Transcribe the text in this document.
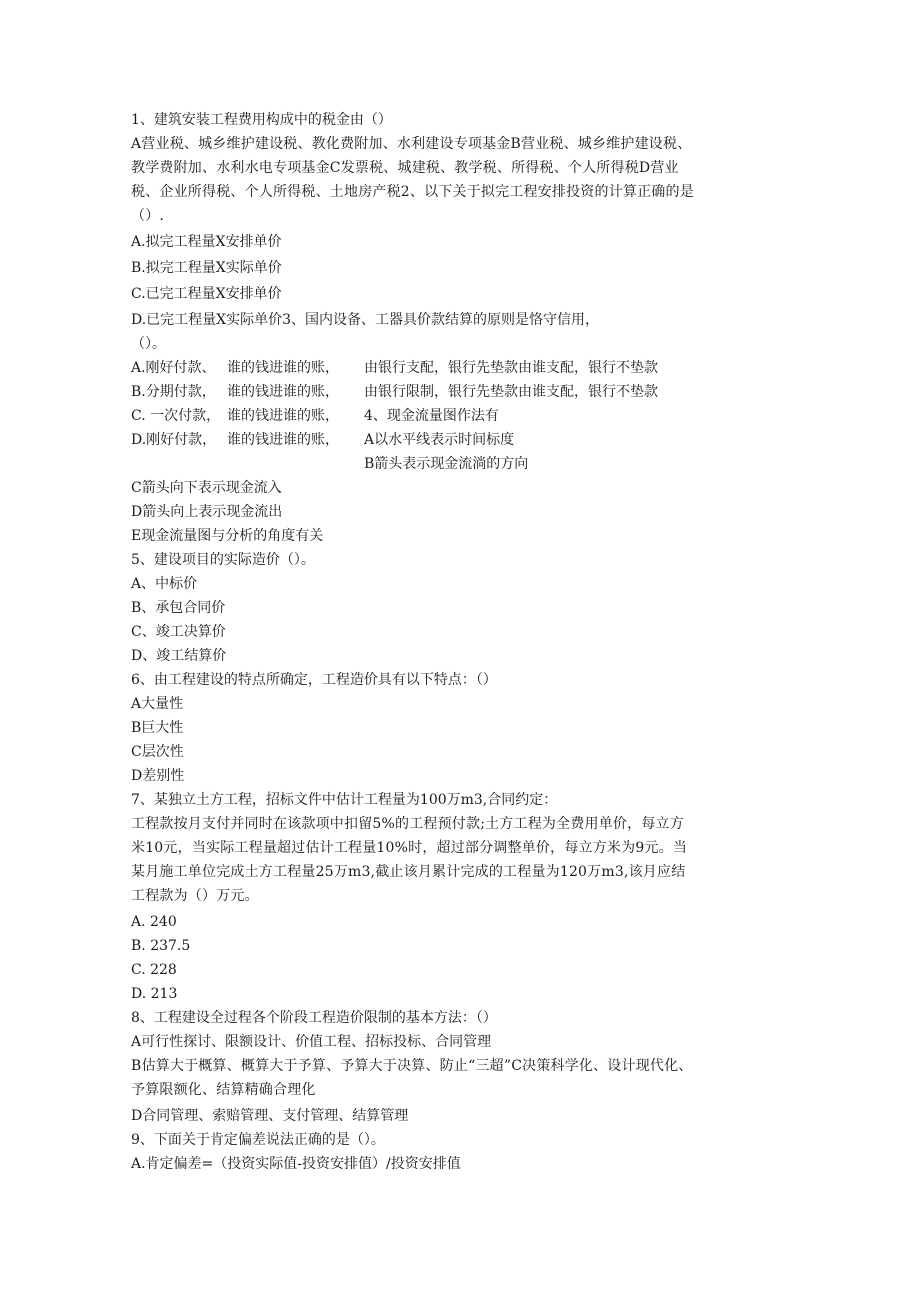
1、建筑安装工程费用构成中的税金由（）
A营业税、城乡维护建设税、教化费附加、水利建设专项基金B营业税、城乡维护建设税、教学费附加、水利水电专项基金C发票税、城建税、教学税、所得税、个人所得税D营业税、企业所得税、个人所得税、土地房产税2、以下关于拟完工程安排投资的计算正确的是（）.
A.拟完工程量X安排单价
B.拟完工程量X实际单价
C.已完工程量X安排单价
D.已完工程量X实际单价3、国内设备、工器具价款结算的原则是恪守信用，
（）。
A.刚好付款、 谁的钱进谁的账，	由银行支配，银行先垫款由谁支配，银行不垫款
B.分期付款， 谁的钱进谁的账，	由银行限制，银行先垫款由谁支配，银行不垫款
C. 一次付款， 谁的钱进谁的账，	4、现金流量图作法有
D.刚好付款， 谁的钱进谁的账，	A以水平线表示时间标度
B箭头表示现金流淌的方向
C箭头向下表示现金流入
D箭头向上表示现金流出
E现金流量图与分析的角度有关
5、建设项目的实际造价（）。
A、中标价
B、承包合同价
C、竣工决算价
D、竣工结算价
6、由工程建设的特点所确定，工程造价具有以下特点：（）
A大量性
B巨大性
C层次性
D差别性
7、某独立土方工程，招标文件中估计工程量为100万m3,合同约定：
工程款按月支付并同时在该款项中扣留5%的工程预付款;土方工程为全费用单价，每立方米10元，当实际工程量超过估计工程量10%时，超过部分调整单价，每立方米为9元。当某月施工单位完成土方工程量25万m3,截止该月累计完成的工程量为120万m3,该月应结工程款为（）万元。
A. 240
B. 237.5
C. 228
D. 213
8、工程建设全过程各个阶段工程造价限制的基本方法：（）
A可行性探讨、限额设计、价值工程、招标投标、合同管理
B估算大于概算、概算大于予算、予算大于决算、防止“三超”C决策科学化、设计现代化、予算限额化、结算精确合理化
D合同管理、索赔管理、支付管理、结算管理
9、下面关于肯定偏差说法正确的是（）。
A.肯定偏差=（投资实际值-投资安排值）/投资安排值
